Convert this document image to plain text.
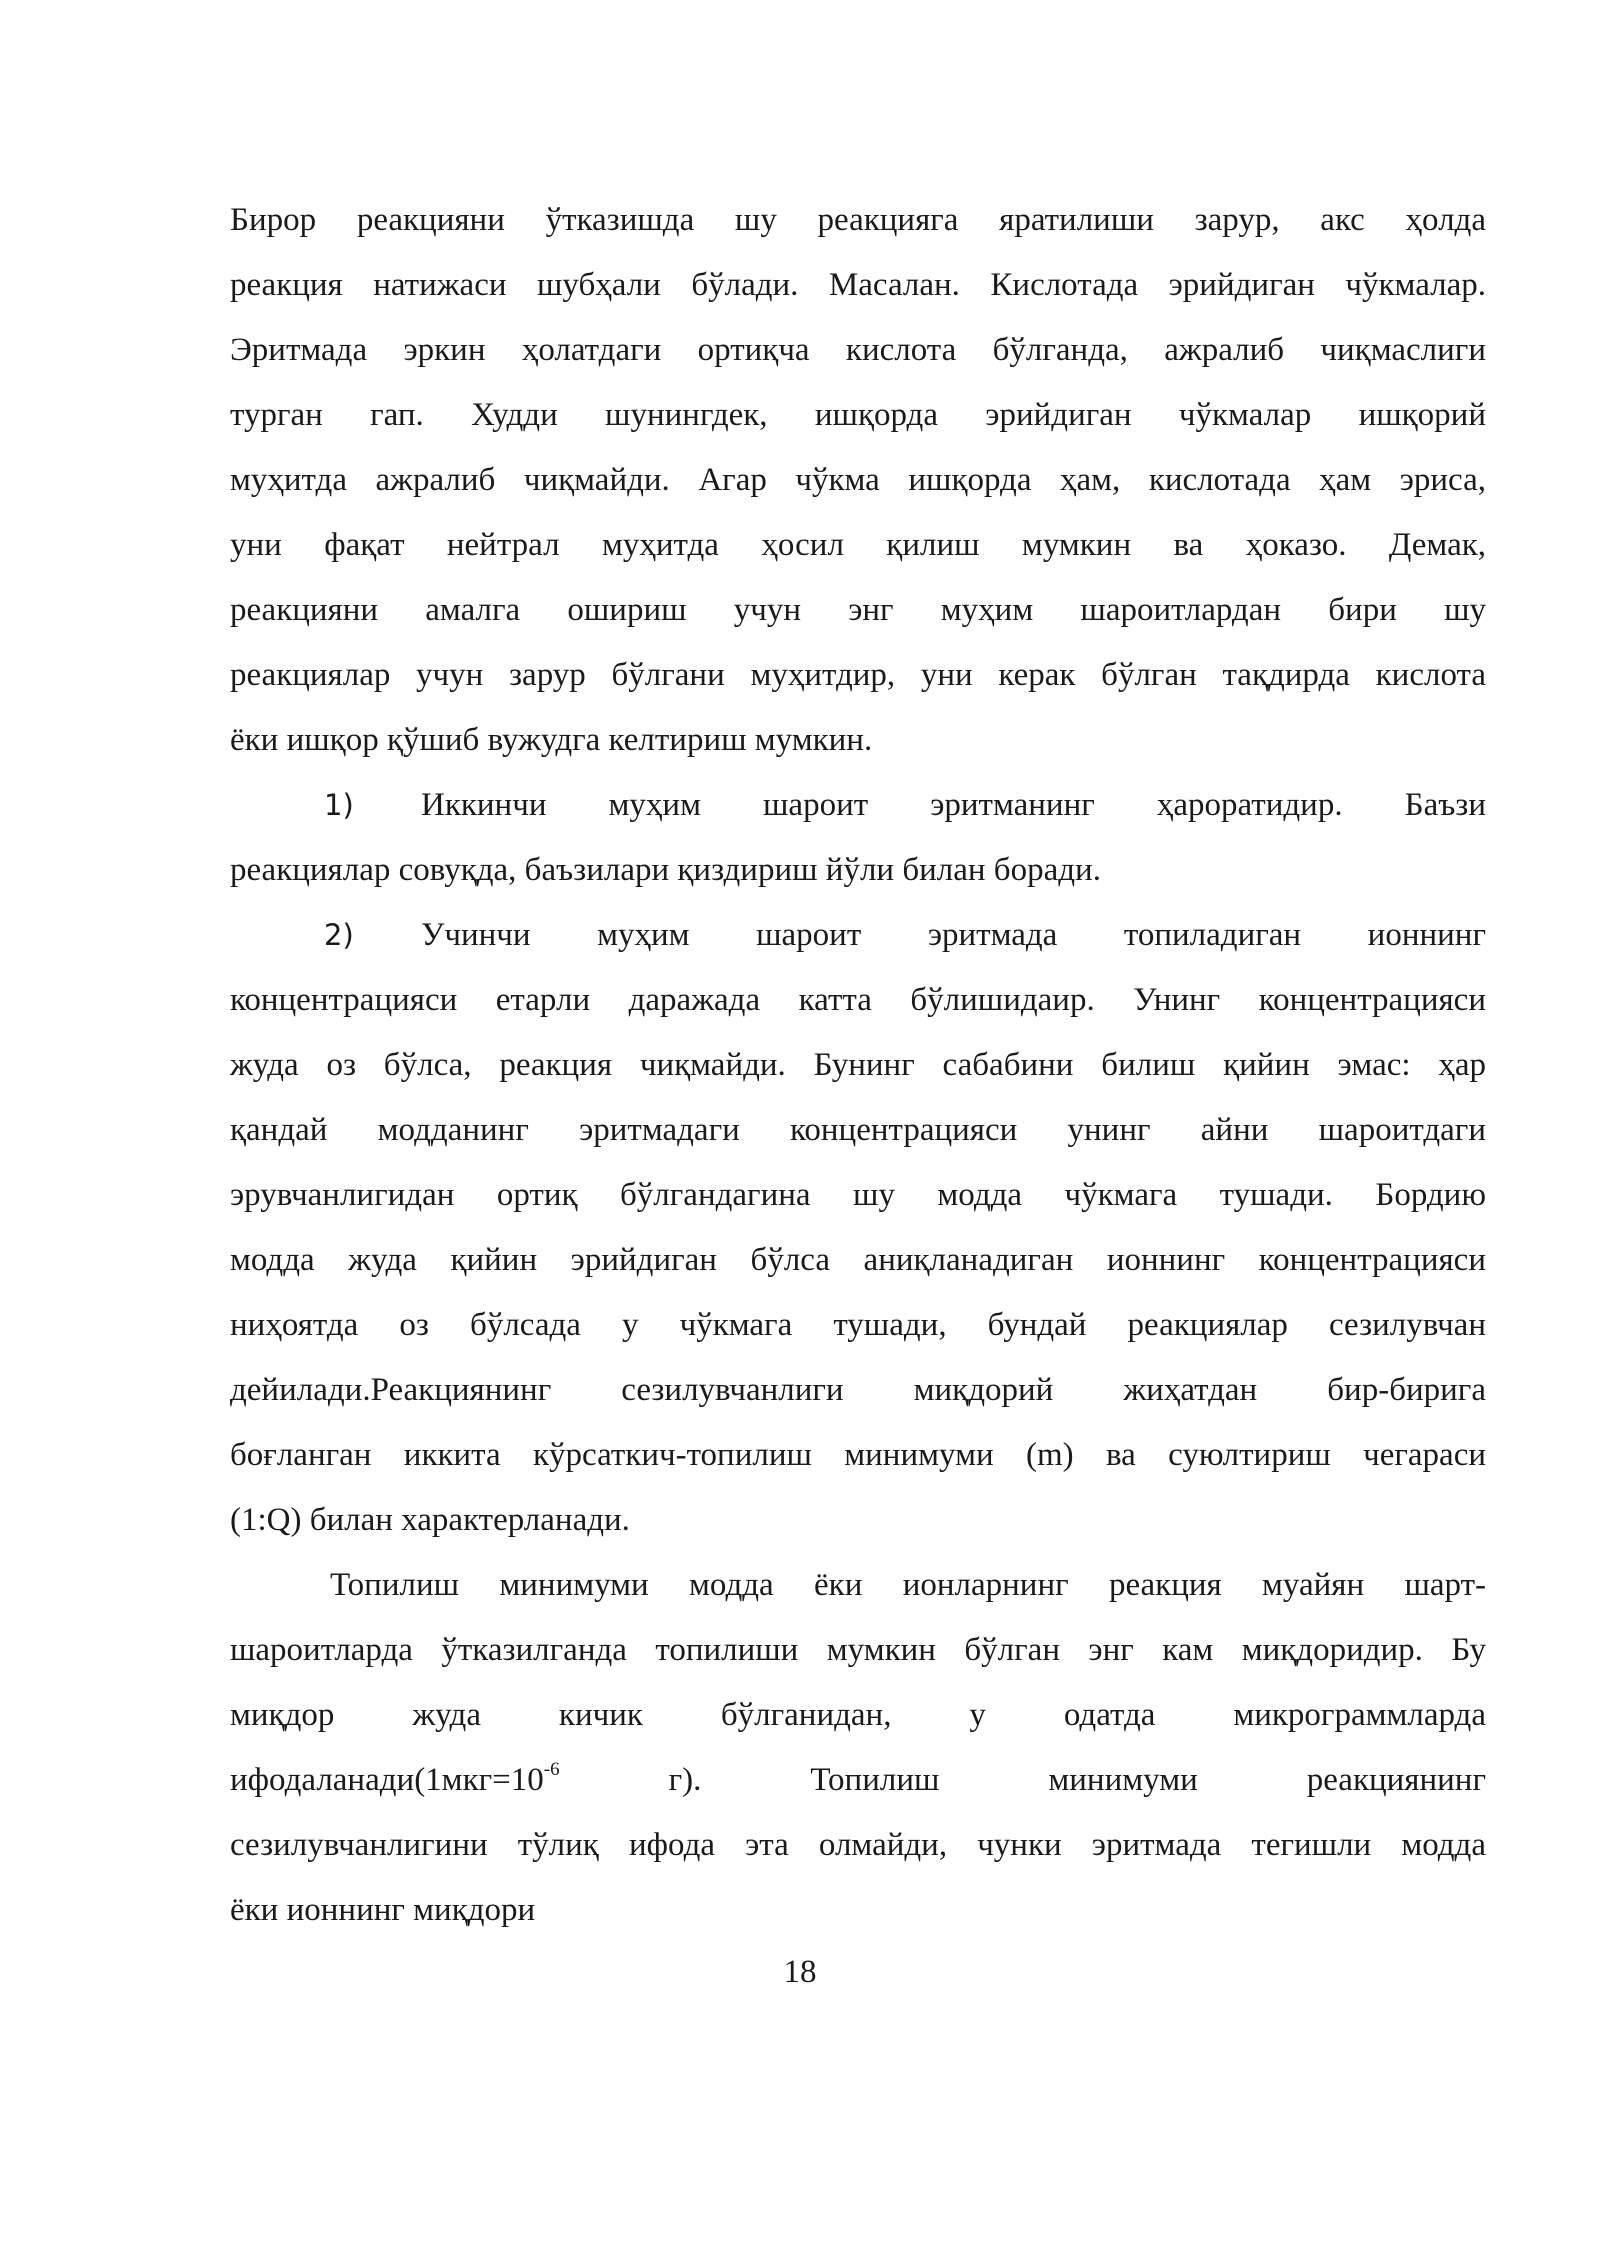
Бирор реакцияни ўтказишда шу реакцияга яратилиши зарур, акс ҳолда
реакция натижаси шубҳали бўлади. Масалан. Кислотада эрийдиган чўкмалар.
Эритмада эркин ҳолатдаги ортиқча кислота бўлганда, ажралиб чиқмаслиги
турган гап. Худди шунингдек, ишқорда эрийдиган чўкмалар ишқорий
муҳитда ажралиб чиқмайди. Агар чўкма ишқорда ҳам, кислотада ҳам эриса,
уни фақат нейтрал муҳитда ҳосил қилиш мумкин ва ҳоказо. Демак,
реакцияни амалга ошириш учун энг муҳим шароитлардан бири шу
реакциялар учун зарур бўлгани муҳитдир, уни керак бўлган тақдирда кислота
ёки ишқор қўшиб вужудга келтириш мумкин.
1) Иккинчи муҳим шароит эритманинг ҳароратидир. Баъзи
реакциялар совуқда, баъзилари қиздириш йўли билан боради.
2) Учинчи муҳим шароит эритмада топиладиган ионнинг
концентрацияси етарли даражада катта бўлишидаир. Унинг концентрацияси
жуда оз бўлса, реакция чиқмайди. Бунинг сабабини билиш қийин эмас: ҳар
қандай модданинг эритмадаги концентрацияси унинг айни шароитдаги
эрувчанлигидан ортиқ бўлгандагина шу модда чўкмага тушади. Бордию
модда жуда қийин эрийдиган бўлса аниқланадиган ионнинг концентрацияси
ниҳоятда оз бўлсада у чўкмага тушади, бундай реакциялар сезилувчан
дейилади.Реакциянинг сезилувчанлиги миқдорий жиҳатдан бир-бирига
боғланган иккита кўрсаткич-топилиш минимуми (m) ва суюлтириш чегараси
(1:Q) билан характерланади.
Топилиш минимуми модда ёки ионларнинг реакция муайян шарт-
шароитларда ўтказилганда топилиши мумкин бўлган энг кам миқдоридир. Бу
миқдор жуда кичик бўлганидан, у одатда микрограммларда
$ифодаланади(1мкг=10^{-6}$	г). Топилиш минимуми реакциянинг
сезилувчанлигини тўлиқ ифода эта олмайди, чунки эритмада тегишли модда
ёки ионнинг миқдори
18
